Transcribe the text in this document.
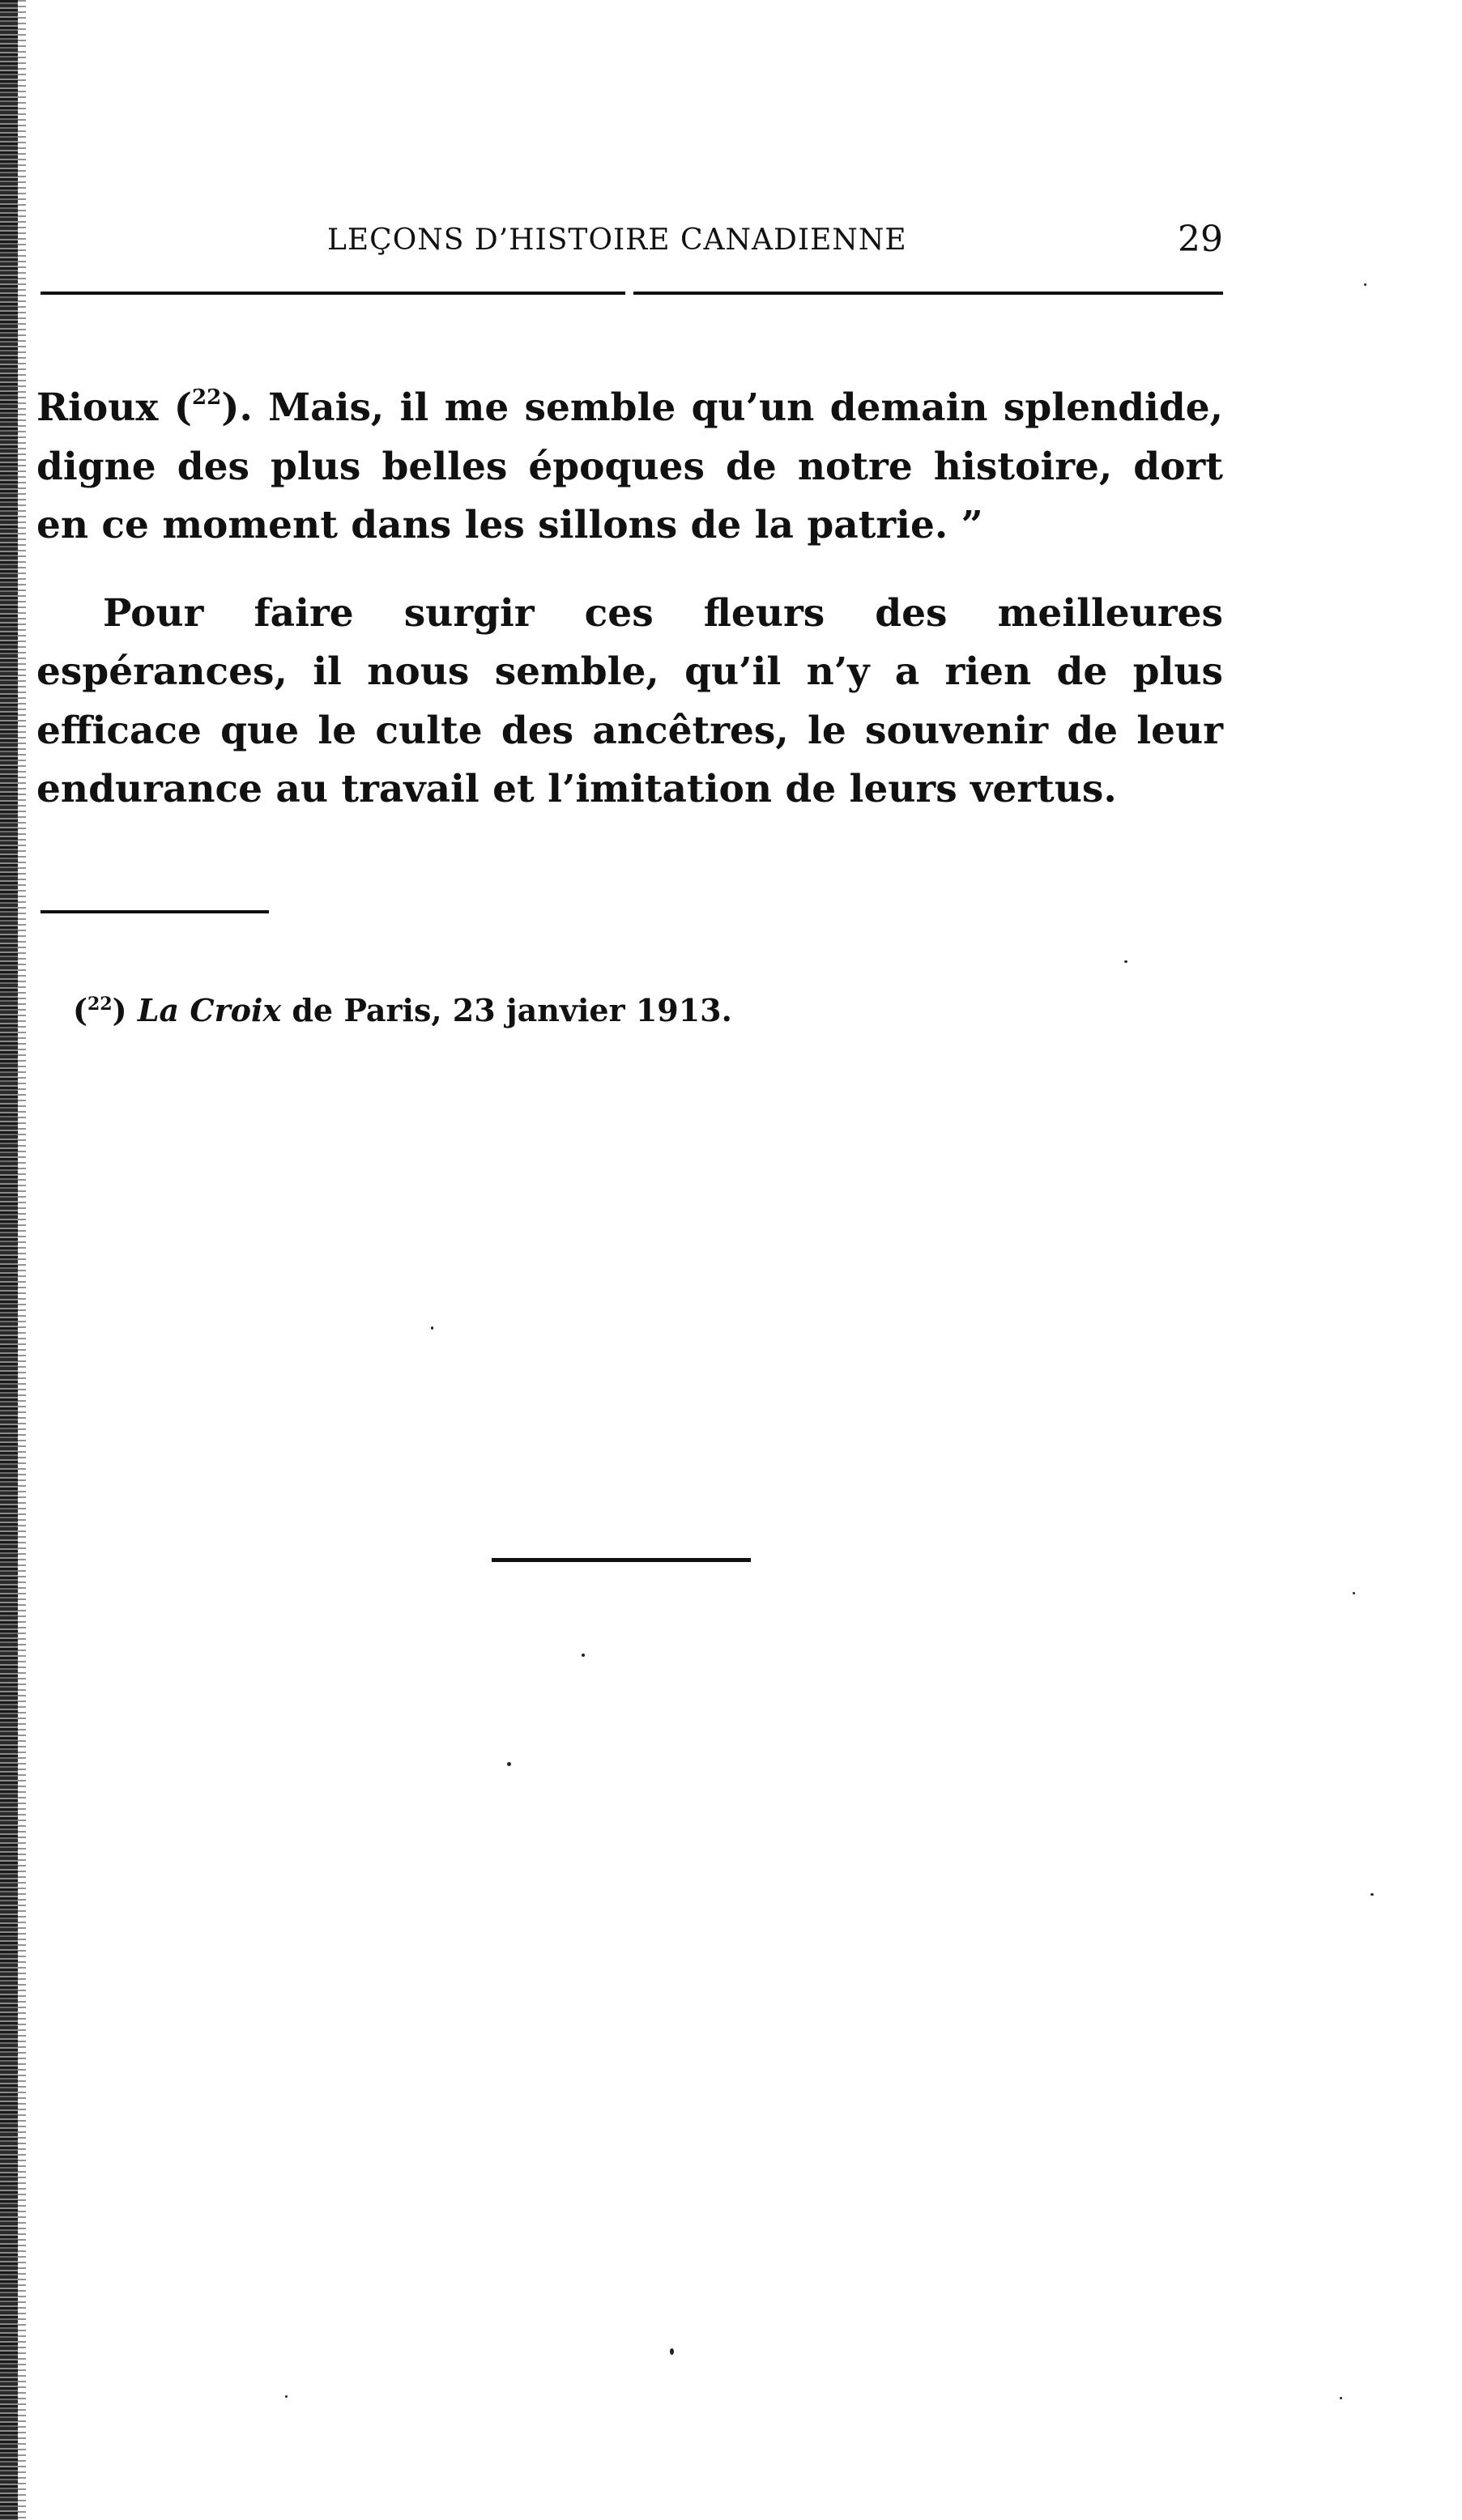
LEÇONS D’HISTOIRE CANADIENNE	29

Rioux ($^{22}$). Mais, il me semble qu’un demain splendide, digne des plus belles époques de notre histoire, dort en ce moment dans les sillons de la patrie. ”

Pour faire surgir ces fleurs des meilleures espérances, il nous semble, qu’il n’y a rien de plus efficace que le culte des ancêtres, le souvenir de leur endurance au travail et l’imitation de leurs vertus.

($^{22}$) La Croix de Paris, 23 janvier 1913.
